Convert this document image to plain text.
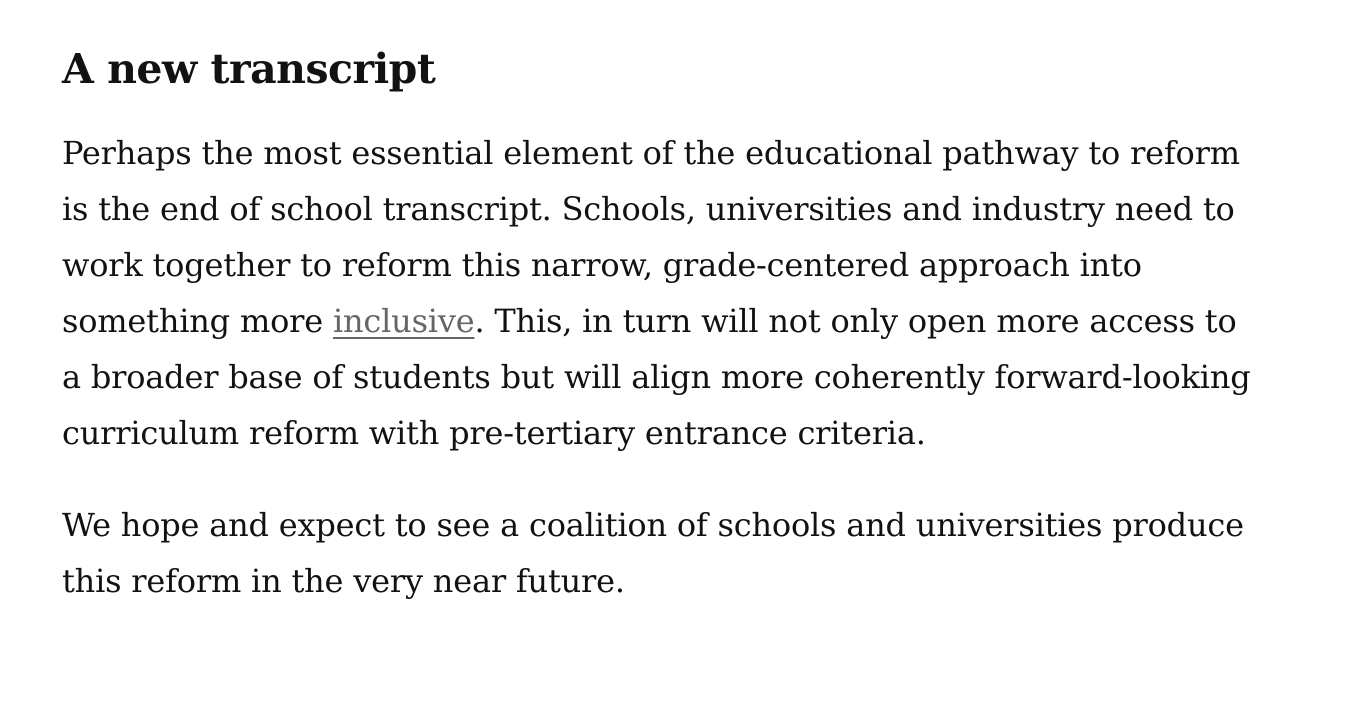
A new transcript

Perhaps the most essential element of the educational pathway to reform is the end of school transcript. Schools, universities and industry need to work together to reform this narrow, grade-centered approach into something more inclusive. This, in turn will not only open more access to a broader base of students but will align more coherently forward-looking curriculum reform with pre-tertiary entrance criteria.

We hope and expect to see a coalition of schools and universities produce this reform in the very near future.
